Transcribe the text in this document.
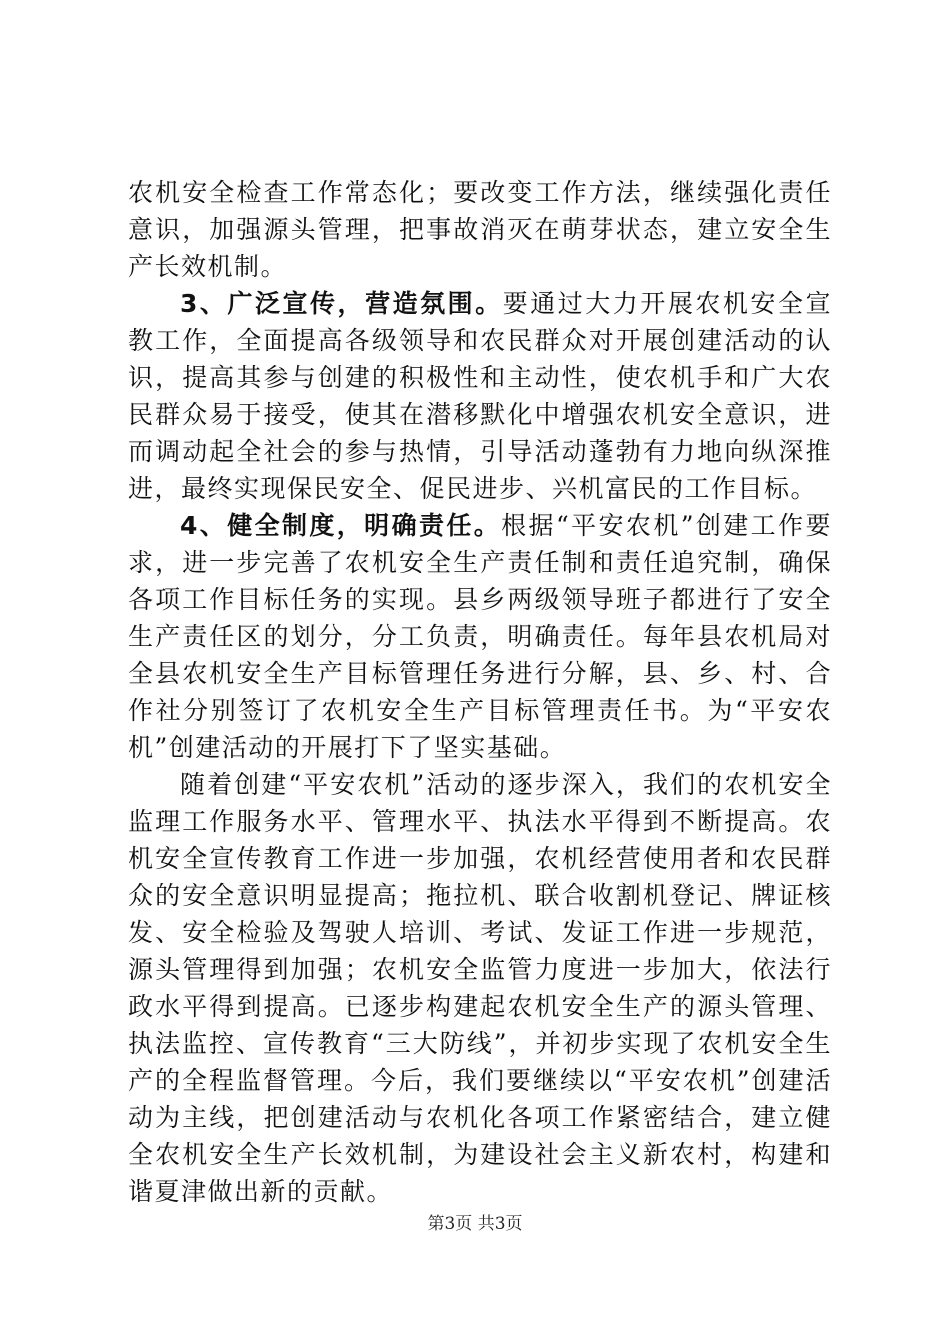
农机安全检查工作常态化；要改变工作方法，继续强化责任意识，加强源头管理，把事故消灭在萌芽状态，建立安全生产长效机制。

3、广泛宣传，营造氛围。要通过大力开展农机安全宣教工作，全面提高各级领导和农民群众对开展创建活动的认识，提高其参与创建的积极性和主动性，使农机手和广大农民群众易于接受，使其在潜移默化中增强农机安全意识，进而调动起全社会的参与热情，引导活动蓬勃有力地向纵深推进，最终实现保民安全、促民进步、兴机富民的工作目标。

4、健全制度，明确责任。根据“平安农机”创建工作要求，进一步完善了农机安全生产责任制和责任追究制，确保各项工作目标任务的实现。县乡两级领导班子都进行了安全生产责任区的划分，分工负责，明确责任。每年县农机局对全县农机安全生产目标管理任务进行分解，县、乡、村、合作社分别签订了农机安全生产目标管理责任书。为“平安农机”创建活动的开展打下了坚实基础。

随着创建“平安农机”活动的逐步深入，我们的农机安全监理工作服务水平、管理水平、执法水平得到不断提高。农机安全宣传教育工作进一步加强，农机经营使用者和农民群众的安全意识明显提高；拖拉机、联合收割机登记、牌证核发、安全检验及驾驶人培训、考试、发证工作进一步规范，源头管理得到加强；农机安全监管力度进一步加大，依法行政水平得到提高。已逐步构建起农机安全生产的源头管理、执法监控、宣传教育“三大防线”，并初步实现了农机安全生产的全程监督管理。今后，我们要继续以“平安农机”创建活动为主线，把创建活动与农机化各项工作紧密结合，建立健全农机安全生产长效机制，为建设社会主义新农村，构建和谐夏津做出新的贡献。

第3页 共3页
